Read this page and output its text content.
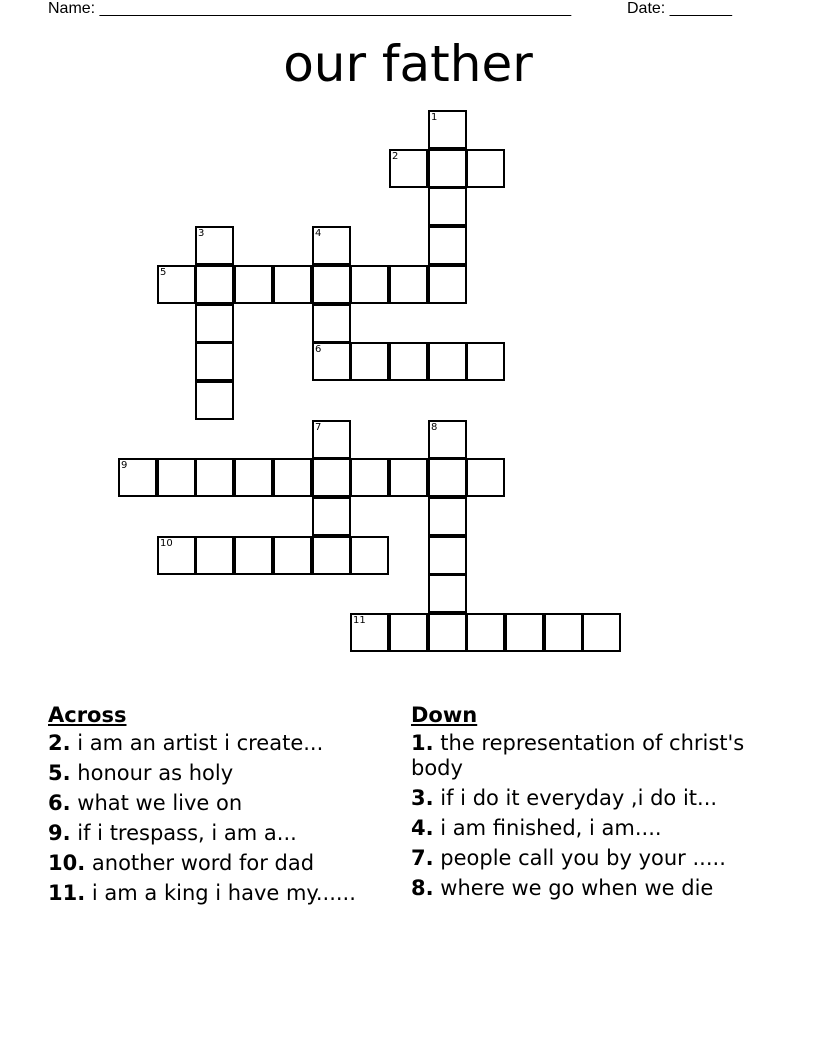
Name: _____________________________________________________	Date: _______
our father
1
2
3	4
6
5
7	8
9
10
11
Across
2. i am an artist i create...
5. honour as holy
6. what we live on
9. if i trespass, i am a...
10. another word for dad
11. i am a king i have my......
Down
1. the representation of christ's body
3. if i do it everyday ,i do it...
4. i am finished, i am....
7. people call you by your .....
8. where we go when we die
